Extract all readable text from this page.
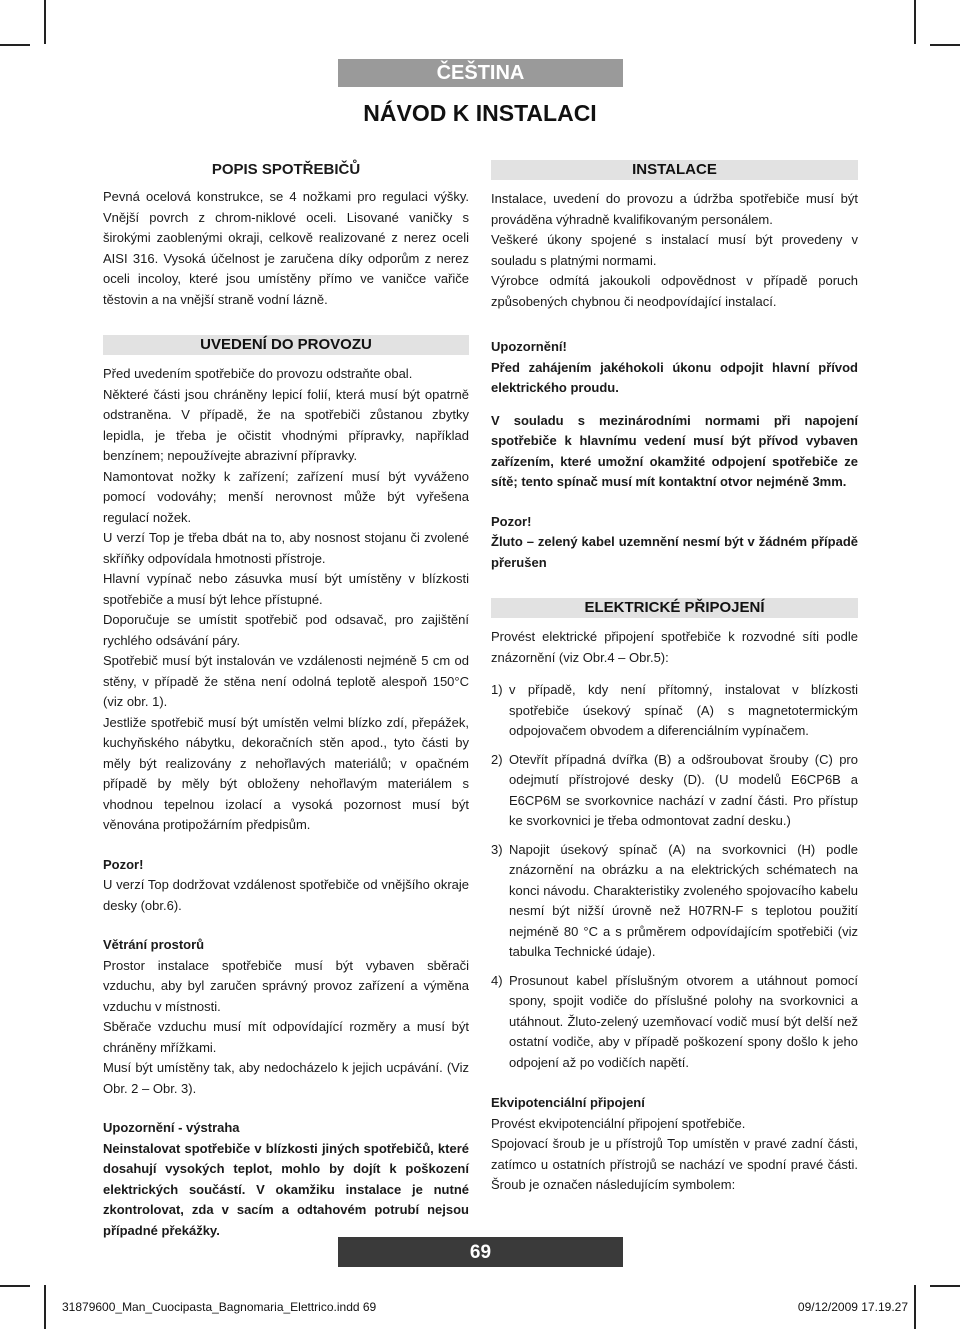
ČEŠTINA
NÁVOD K INSTALACI
POPIS SPOTŘEBIČŮ

Pevná ocelová konstrukce, se 4 nožkami pro regulaci výšky. Vnější povrch z chrom-niklové oceli. Lisované vaničky s širokými zaoblenými okraji, celkově realizované z nerez oceli AISI 316. Vysoká účelnost je zaručena díky odporům z nerez oceli incoloy, které jsou umístěny přímo ve vaničce vařiče těstovin a na vnější straně vodní lázně.

UVEDENÍ DO PROVOZU

Před uvedením spotřebiče do provozu odstraňte obal.

Některé části jsou chráněny lepicí folií, která musí být opatrně odstraněna. V případě, že na spotřebiči zůstanou zbytky lepidla, je třeba je očistit vhodnými přípravky, například benzínem; nepoužívejte abrazivní přípravky.

Namontovat nožky k zařízení; zařízení musí být vyváženo pomocí vodováhy; menší nerovnost může být vyřešena regulací nožek.

U verzí Top je třeba dbát na to, aby nosnost stojanu či zvolené skříňky odpovídala hmotnosti přístroje.

Hlavní vypínač nebo zásuvka musí být umístěny v blízkosti spotřebiče a musí být lehce přístupné.

Doporučuje se umístit spotřebič pod odsavač, pro zajištění rychlého odsávání páry.

Spotřebič musí být instalován ve vzdálenosti nejméně 5 cm od stěny, v případě že stěna není odolná teplotě alespoň 150°C (viz obr. 1).

Jestliže spotřebič musí být umístěn velmi blízko zdí, přepážek, kuchyňského nábytku, dekoračních stěn apod., tyto části by měly být realizovány z nehořlavých materiálů; v opačném případě by měly být obloženy nehořlavým materiálem s vhodnou tepelnou izolací a vysoká pozornost musí být věnována protipožárním předpisům.

Pozor!

U verzí Top dodržovat vzdálenost spotřebiče od vnějšího okraje desky (obr.6).

Větrání prostorů

Prostor instalace spotřebiče musí být vybaven sběrači vzduchu, aby byl zaručen správný provoz zařízení a výměna vzduchu v místnosti.

Sběrače vzduchu musí mít odpovídající rozměry a musí být chráněny mřížkami.

Musí být umístěny tak, aby nedocházelo k jejich ucpávání. (Viz Obr. 2 – Obr. 3).

Upozornění - výstraha

Neinstalovat spotřebiče v blízkosti jiných spotřebičů, které dosahují vysokých teplot, mohlo by dojít k poškození elektrických součástí. V okamžiku instalace je nutné zkontrolovat, zda v sacím a odtahovém potrubí nejsou případné překážky.

INSTALACE

Instalace, uvedení do provozu a údržba spotřebiče musí být prováděna výhradně kvalifikovaným personálem.

Veškeré úkony spojené s instalací musí být provedeny v souladu s platnými normami.

Výrobce odmítá jakoukoli odpovědnost v případě poruch způsobených chybnou či neodpovídající instalací.

Upozornění!

Před zahájením jakéhokoli úkonu odpojit hlavní přívod elektrického proudu.

V souladu s mezinárodními normami při napojení spotřebiče k hlavnímu vedení musí být přívod vybaven zařízením, které umožní okamžité odpojení spotřebiče ze sítě; tento spínač musí mít kontaktní otvor nejméně 3mm.

Pozor!

Žluto – zelený kabel uzemnění nesmí být v žádném případě přerušen

ELEKTRICKÉ PŘIPOJENÍ

Provést elektrické připojení spotřebiče k rozvodné síti podle znázornění (viz Obr.4 – Obr.5):

1) v případě, kdy není přítomný, instalovat v blízkosti spotřebiče úsekový spínač (A) s magnetotermickým odpojovačem obvodem a diferenciálním vypínačem.
2) Otevřít případná dvířka (B) a odšroubovat šrouby (C) pro odejmutí přístrojové desky (D). (U modelů E6CP6B a E6CP6M se svorkovnice nachází v zadní části. Pro přístup ke svorkovnici je třeba odmontovat zadní desku.)
3) Napojit úsekový spínač (A) na svorkovnici (H) podle znázornění na obrázku a na elektrických schématech na konci návodu. Charakteristiky zvoleného spojovacího kabelu nesmí být nižší úrovně než H07RN-F s teplotou použití nejméně 80 °C a s průměrem odpovídajícím spotřebiči (viz tabulka Technické údaje).
4) Prosunout kabel příslušným otvorem a utáhnout pomocí spony, spojit vodiče do příslušné polohy na svorkovnici a utáhnout. Žluto-zelený uzemňovací vodič musí být delší než ostatní vodiče, aby v případě poškození spony došlo k jeho odpojení až po vodičích napětí.

Ekvipotenciální připojení

Provést ekvipotenciální připojení spotřebiče.

Spojovací šroub je u přístrojů Top umístěn v pravé zadní části, zatímco u ostatních přístrojů se nachází ve spodní pravé části. Šroub je označen následujícím symbolem:

69
31879600_Man_Cuocipasta_Bagnomaria_Elettrico.indd 69	09/12/2009 17.19.27
